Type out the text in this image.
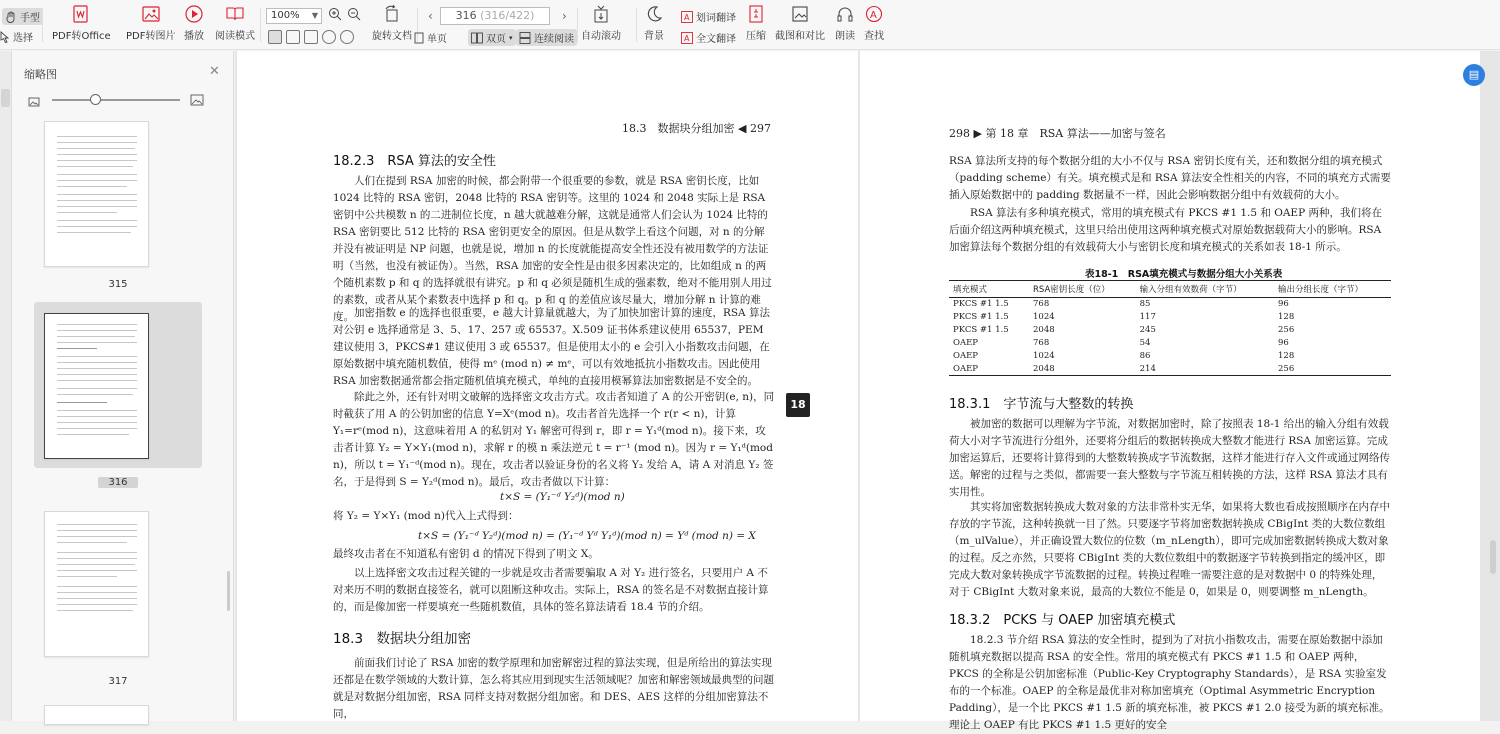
手型
选择 PDF转Office PDF转图片 播放 阅读模式
100% ▼
旋转文档
‹	316 (316/422)	›
单页	双页 ▾ 连续阅读 自动滚动 背景
A 划词翻译
A 全文翻译 压缩 截图和对比 朗读
A
查找
缩略图	✕
315
316
317
18.3　数据块分组加密 ◀ 297
18.2.3　RSA 算法的安全性
人们在提到 RSA 加密的时候，都会附带一个很重要的参数，就是 RSA 密钥长度，比如 1024 比特的 RSA 密钥，2048 比特的 RSA 密钥等。这里的 1024 和 2048 实际上是 RSA 密钥中公共模数 n 的二进制位长度，n 越大就越难分解，这就是通常人们会认为 1024 比特的 RSA 密钥要比 512 比特的 RSA 密钥更安全的原因。但是从数学上看这个问题，对 n 的分解并没有被证明是 NP 问题，也就是说，增加 n 的长度就能提高安全性还没有被用数学的方法证明（当然，也没有被证伪）。当然，RSA 加密的安全性是由很多因素决定的，比如组成 n 的两个随机素数 p 和 q 的选择就很有讲究。p 和 q 必须是随机生成的强素数，绝对不能用别人用过的素数，或者从某个素数表中选择 p 和 q。p 和 q 的差值应该尽量大，增加分解 n 计算的难度。 加密指数 e 的选择也很重要，e 越大计算量就越大，为了加快加密计算的速度，RSA 算法对公钥 e 选择通常是 3、5、17、257 或 65537。X.509 证书体系建议使用 65537，PEM 建议使用 3，PKCS#1 建议使用 3 或 65537。但是使用太小的 e 会引入小指数攻击问题，在原始数据中填充随机数值，使得 mᵉ (mod n) ≠ mᵉ，可以有效地抵抗小指数攻击。因此使用 RSA 加密数据通常都会指定随机值填充模式，单纯的直接用模幂算法加密数据是不安全的。
除此之外，还有针对明文破解的选择密文攻击方式。攻击者知道了 A 的公开密钥(e, n)，同时截获了用 A 的公钥加密的信息 Y=Xᵉ(mod n)。攻击者首先选择一个 r(r < n)，计算 Y₁=rᵉ(mod n)，这意味着用 A 的私钥对 Y₁ 解密可得到 r，即 r = Y₁ᵈ(mod n)。接下来，攻击者计算 Y₂ = Y×Y₁(mod n)，求解 r 的模 n 乘法逆元 t = r⁻¹ (mod n)。因为 r = Y₁ᵈ(mod n)，所以 t = Y₁⁻ᵈ(mod n)。现在，攻击者以验证身份的名义将 Y₂ 发给 A，请 A 对消息 Y₂ 签名，于是得到 S = Y₂ᵈ(mod n)。最后，攻击者做以下计算：
t×S = (Y₁⁻ᵈ Y₂ᵈ)(mod n)
将 Y₂ = Y×Y₁ (mod n)代入上式得到：
t×S = (Y₁⁻ᵈ Y₂ᵈ)(mod n) = (Y₁⁻ᵈ Yᵈ Y₁ᵈ)(mod n) = Yᵈ (mod n) = X
最终攻击者在不知道私有密钥 d 的情况下得到了明文 X。
以上选择密文攻击过程关键的一步就是攻击者需要骗取 A 对 Y₂ 进行签名，只要用户 A 不对来历不明的数据直接签名，就可以阻断这种攻击。实际上，RSA 的签名是不对数据直接计算的，而是像加密一样要填充一些随机数值，具体的签名算法请看 18.4 节的介绍。
18.3　数据块分组加密
前面我们讨论了 RSA 加密的数学原理和加密解密过程的算法实现，但是所给出的算法实现还都是在数学领域的大数计算，怎么将其应用到现实生活领域呢？加密和解密领域最典型的问题就是对数据分组加密，RSA 同样支持对数据分组加密。和 DES、AES 这样的分组加密算法不同，
18
298 ▶ 第 18 章　RSA 算法——加密与签名
RSA 算法所支持的每个数据分组的大小不仅与 RSA 密钥长度有关，还和数据分组的填充模式（padding scheme）有关。填充模式是和 RSA 算法安全性相关的内容，不同的填充方式需要插入原始数据中的 padding 数据量不一样，因此会影响数据分组中有效载荷的大小。
RSA 算法有多种填充模式，常用的填充模式有 PKCS #1 1.5 和 OAEP 两种，我们将在后面介绍这两种填充模式，这里只给出使用这两种填充模式对原始数据载荷大小的影响。RSA 加密算法每个数据分组的有效载荷大小与密钥长度和填充模式的关系如表 18-1 所示。
表18-1　RSA填充模式与数据分组大小关系表
填充模式	RSA密钥长度（位）	输入分组有效数荷（字节）	输出分组长度（字节）
PKCS #1 1.5	768	85	96
PKCS #1 1.5	1024	117	128
PKCS #1 1.5	2048	245	256
OAEP	768	54	96
OAEP	1024	86	128
OAEP	2048	214	256
18.3.1　字节流与大整数的转换
被加密的数据可以理解为字节流，对数据加密时，除了按照表 18-1 给出的输入分组有效载荷大小对字节流进行分组外，还要将分组后的数据转换成大整数才能进行 RSA 加密运算。完成加密运算后，还要将计算得到的大整数转换成字节流数据，这样才能进行存入文件或通过网络传送。解密的过程与之类似，都需要一套大整数与字节流互相转换的方法，这样 RSA 算法才具有实用性。
其实将加密数据转换成大数对象的方法非常朴实无华，如果将大数也看成按照顺序在内存中存放的字节流，这种转换就一目了然。只要逐字节将加密数据转换成 CBigInt 类的大数位数组（m_ulValue），并正确设置大数位的位数（m_nLength），即可完成加密数据转换成大数对象的过程。反之亦然，只要将 CBigInt 类的大数位数组中的数据逐字节转换到指定的缓冲区，即完成大数对象转换成字节流数据的过程。转换过程唯一需要注意的是对数据中 0 的特殊处理，对于 CBigInt 大数对象来说，最高的大数位不能是 0，如果是 0，则要调整 m_nLength。
18.3.2　PCKS 与 OAEP 加密填充模式
18.2.3 节介绍 RSA 算法的安全性时，提到为了对抗小指数攻击，需要在原始数据中添加随机填充数据以提高 RSA 的安全性。常用的填充模式有 PKCS #1 1.5 和 OAEP 两种，PKCS 的全称是公钥加密标准（Public-Key Cryptography Standards），是 RSA 实验室发布的一个标准。OAEP 的全称是最优非对称加密填充（Optimal Asymmetric Encryption Padding），是一个比 PKCS #1 1.5 新的填充标准，被 PKCS #1 2.0 接受为新的填充标准。理论上 OAEP 有比 PKCS #1 1.5 更好的安全
▤
